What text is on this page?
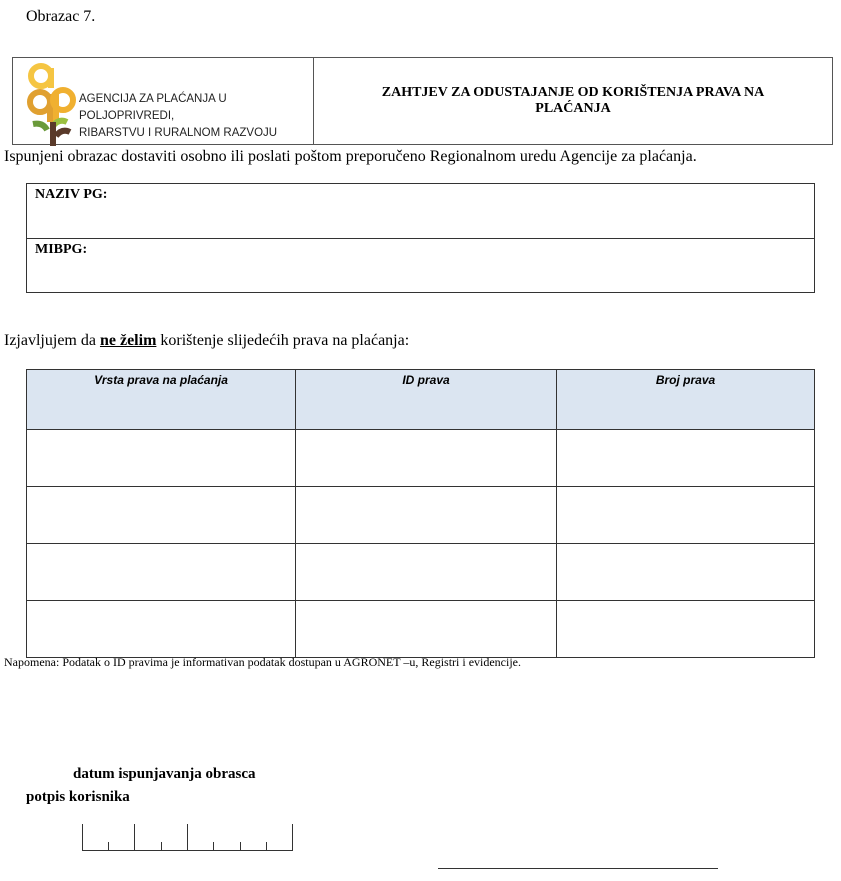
Obrazac 7.
AGENCIJA ZA PLAĆANJA U POLJOPRIVREDI,
RIBARSTVU I RURALNOM RAZVOJU
ZAHTJEV ZA ODUSTAJANJE OD KORIŠTENJA PRAVA NA PLAĆANJA
Ispunjeni obrazac dostaviti osobno ili poslati poštom preporučeno Regionalnom uredu Agencije za plaćanja.
NAZIV PG:
MIBPG:
Izjavljujem da ne želim korištenje slijedećih prava na plaćanja:
Vrsta prava na plaćanja	ID prava	Broj prava

Napomena: Podatak o ID pravima je informativan podatak dostupan u AGRONET –u, Registri i evidencije.
datum ispunjavanja obrasca
potpis korisnika
